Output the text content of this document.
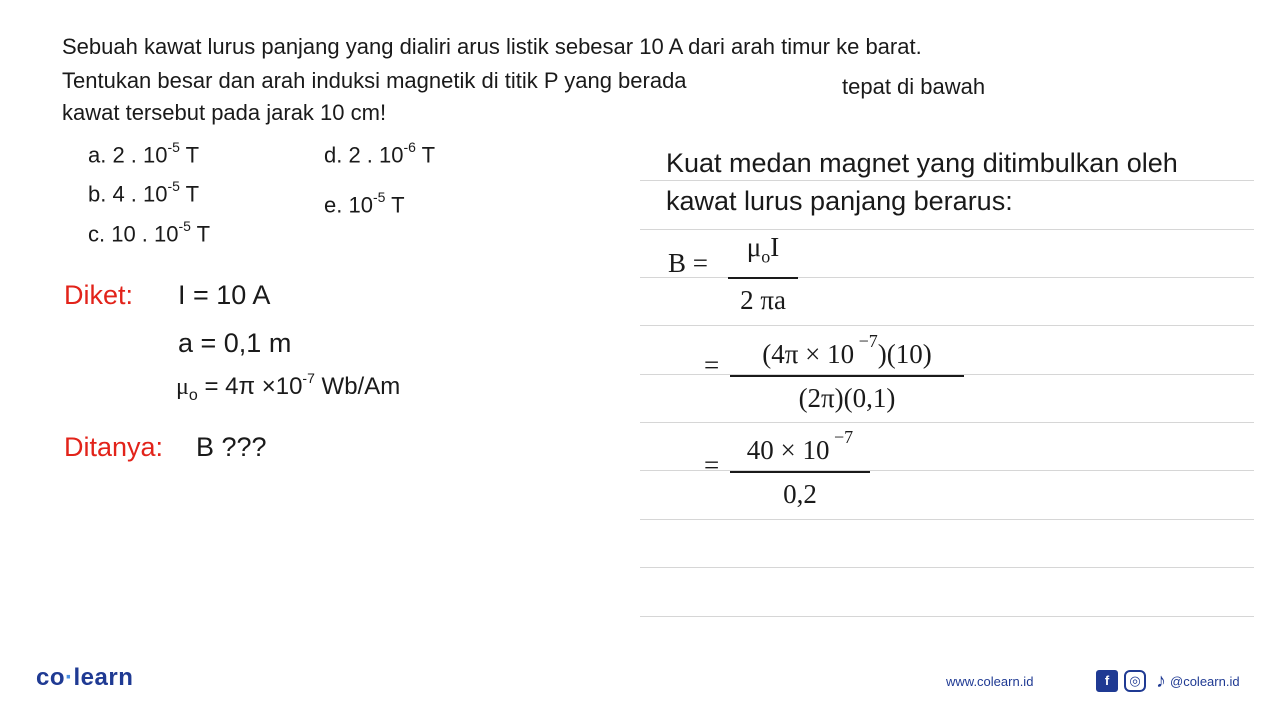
Sebuah kawat lurus panjang yang dialiri arus listik sebesar 10 A dari arah timur ke barat.
Tentukan besar dan arah induksi magnetik di titik P yang berada	tepat di bawah
kawat tersebut pada jarak 10 cm!
a. 2 . $10^{-5}$ T
b. 4 . $10^{-5}$ T
c. 10 . $10^{-5}$ T
d. 2 . $10^{-6}$ T
e. $10^{-5}$ T
Diket: I = 10 A
a = 0,1 m
$\mu_o = 4\pi \times 10^{-7}$ Wb/Am
Ditanya: B ???
Kuat medan magnet yang ditimbulkan oleh
kawat lurus panjang berarus:
B =
$\mu_oI$
2 πa
=	(4π × 10 $^{-7}$)(10)
(2π)(0,1)
=	40 × 10 $^{-7}$
0,2
co·learn	www.colearn.id	f ◎ ♪ @colearn.id
